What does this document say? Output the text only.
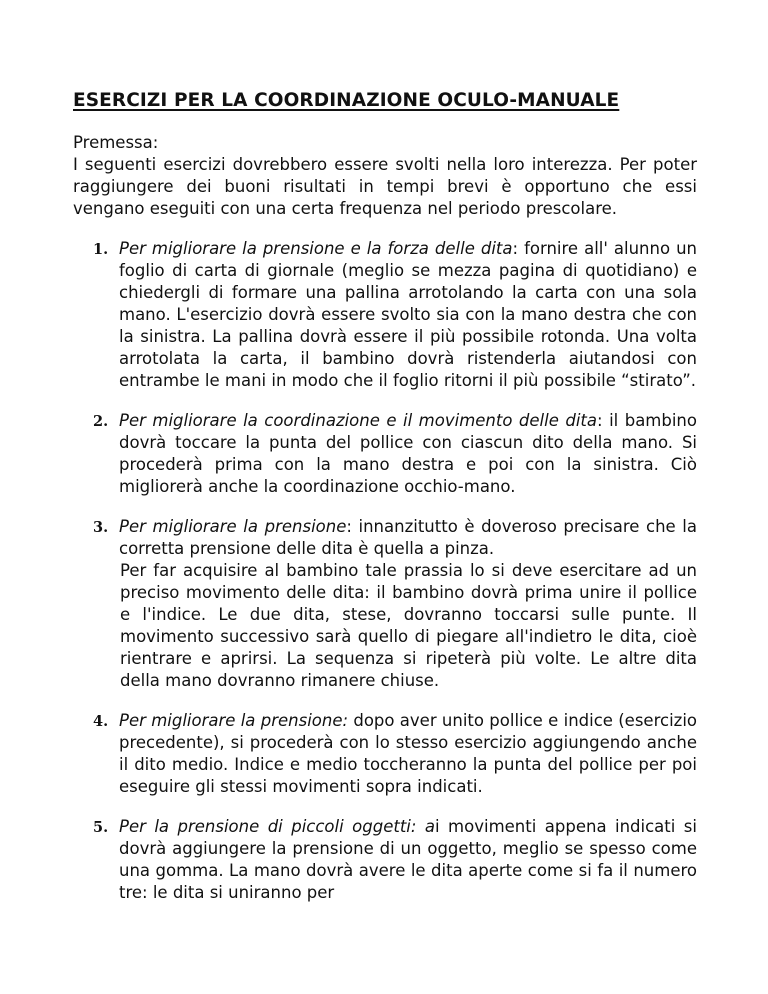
ESERCIZI PER LA COORDINAZIONE OCULO-MANUALE
Premessa:

I seguenti esercizi dovrebbero essere svolti nella loro interezza. Per poter raggiungere dei buoni risultati in tempi brevi è opportuno che essi vengano eseguiti con una certa frequenza nel periodo prescolare.

1. Per migliorare la prensione e la forza delle dita: fornire all' alunno un foglio di carta di giornale (meglio se mezza pagina di quotidiano) e chiedergli di formare una pallina arrotolando la carta con una sola mano. L'esercizio dovrà essere svolto sia con la mano destra che con la sinistra. La pallina dovrà essere il più possibile rotonda. Una volta arrotolata la carta, il bambino dovrà ristenderla aiutandosi con entrambe le mani in modo che il foglio ritorni il più possibile “stirato”.

2. Per migliorare la coordinazione e il movimento delle dita: il bambino dovrà toccare la punta del pollice con ciascun dito della mano. Si procederà prima con la mano destra e poi con la sinistra. Ciò migliorerà anche la coordinazione occhio-mano.

3. Per migliorare la prensione: innanzitutto è doveroso precisare che la corretta prensione delle dita è quella a pinza.

Per far acquisire al bambino tale prassia lo si deve esercitare ad un preciso movimento delle dita: il bambino dovrà prima unire il pollice e l'indice. Le due dita, stese, dovranno toccarsi sulle punte. Il movimento successivo sarà quello di piegare all'indietro le dita, cioè rientrare e aprirsi. La sequenza si ripeterà più volte. Le altre dita della mano dovranno rimanere chiuse.

4. Per migliorare la prensione: dopo aver unito pollice e indice (esercizio precedente), si procederà con lo stesso esercizio aggiungendo anche il dito medio. Indice e medio toccheranno la punta del pollice per poi eseguire gli stessi movimenti sopra indicati.

5. Per la prensione di piccoli oggetti: ai movimenti appena indicati si dovrà aggiungere la prensione di un oggetto, meglio se spesso come una gomma. La mano dovrà avere le dita aperte come si fa il numero tre: le dita si uniranno per
